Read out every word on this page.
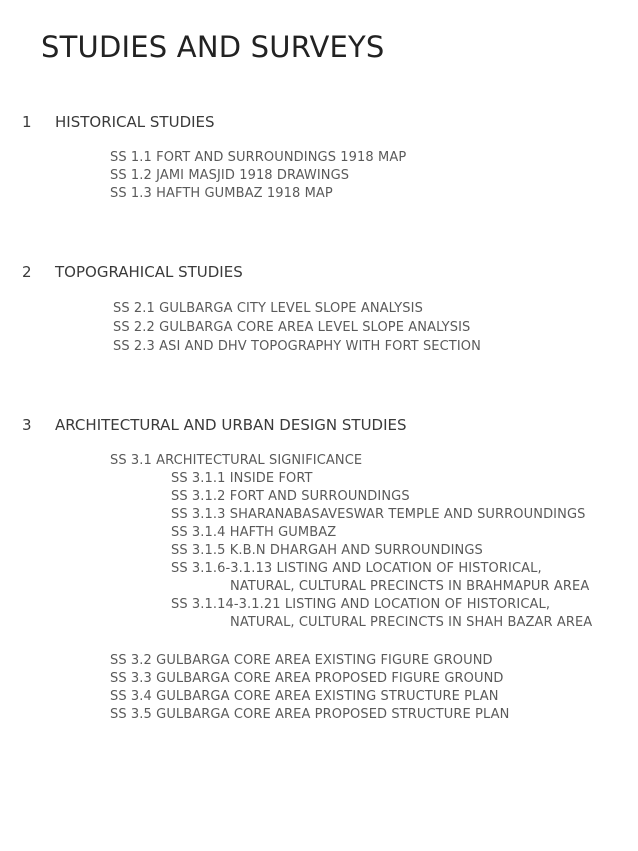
STUDIES AND SURVEYS
1 HISTORICAL STUDIES
SS 1.1 FORT AND SURROUNDINGS 1918 MAP
SS 1.2 JAMI MASJID 1918 DRAWINGS
SS 1.3 HAFTH GUMBAZ 1918 MAP
2 TOPOGRAHICAL STUDIES
SS 2.1 GULBARGA CITY LEVEL SLOPE ANALYSIS
SS 2.2 GULBARGA CORE AREA LEVEL SLOPE ANALYSIS
SS 2.3 ASI AND DHV TOPOGRAPHY WITH FORT SECTION
3 ARCHITECTURAL AND URBAN DESIGN STUDIES
SS 3.1 ARCHITECTURAL SIGNIFICANCE
SS 3.1.1 INSIDE FORT
SS 3.1.2 FORT AND SURROUNDINGS
SS 3.1.3 SHARANABASAVESWAR TEMPLE AND SURROUNDINGS
SS 3.1.4 HAFTH GUMBAZ
SS 3.1.5 K.B.N DHARGAH AND SURROUNDINGS
SS 3.1.6-3.1.13 LISTING AND LOCATION OF HISTORICAL,
NATURAL, CULTURAL PRECINCTS IN BRAHMAPUR AREA
SS 3.1.14-3.1.21 LISTING AND LOCATION OF HISTORICAL,
NATURAL, CULTURAL PRECINCTS IN SHAH BAZAR AREA
SS 3.2 GULBARGA CORE AREA EXISTING FIGURE GROUND
SS 3.3 GULBARGA CORE AREA PROPOSED FIGURE GROUND
SS 3.4 GULBARGA CORE AREA EXISTING STRUCTURE PLAN
SS 3.5 GULBARGA CORE AREA PROPOSED STRUCTURE PLAN
